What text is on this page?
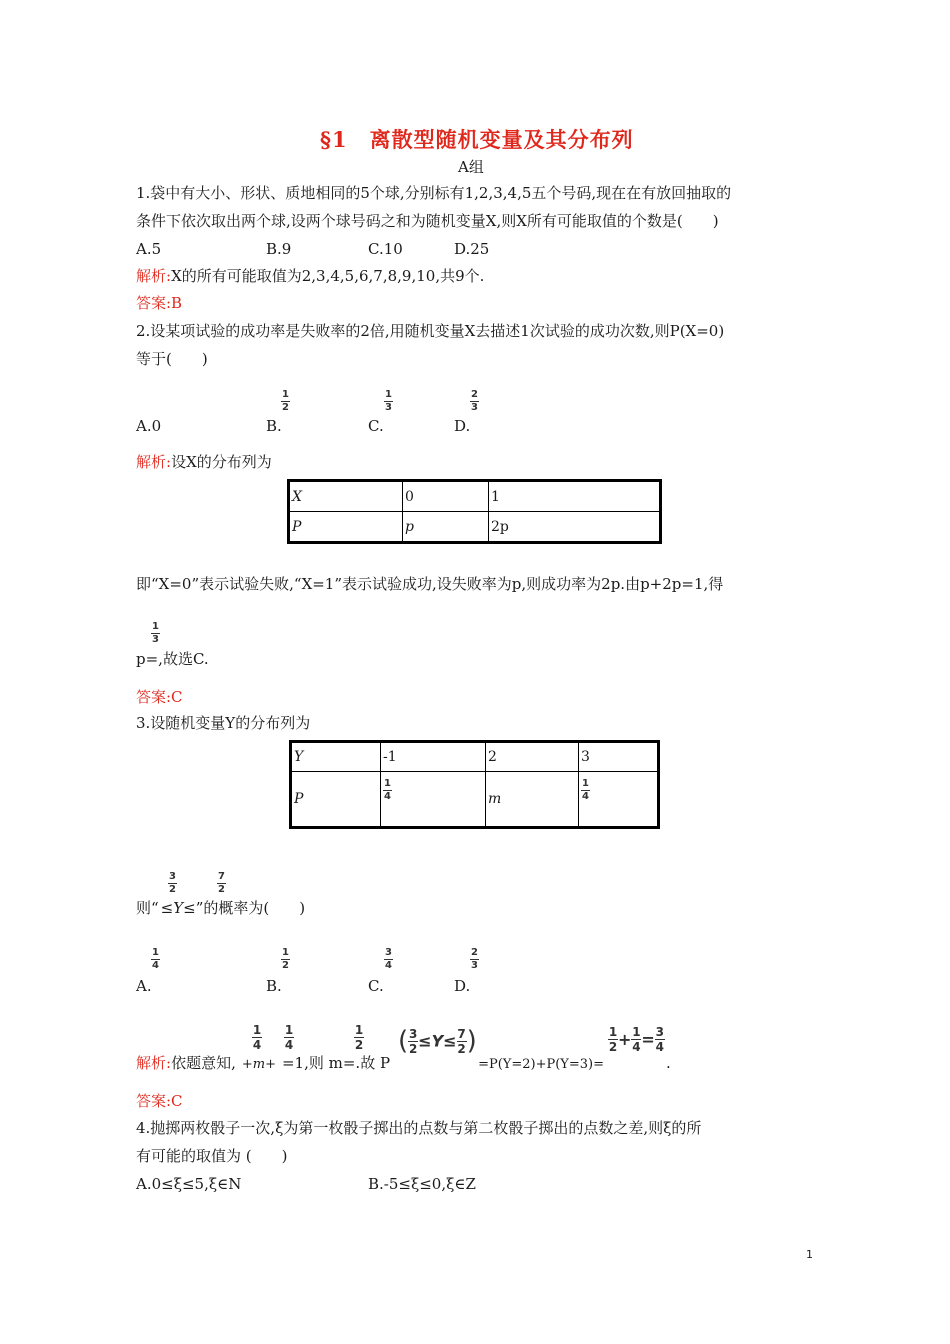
§1　离散型随机变量及其分布列
A组
1.袋中有大小、形状、质地相同的5个球,分别标有1,2,3,4,5五个号码,现在在有放回抽取的
条件下依次取出两个球,设两个球号码之和为随机变量X,则X所有可能取值的个数是(　　)
A.5	B.9	C.10	D.25
解析:X的所有可能取值为2,3,4,5,6,7,8,9,10,共9个.
答案:B
2.设某项试验的成功率是失败率的2倍,用随机变量X去描述1次试验的成功次数,则P(X=0)
等于(　　)
1
2
1
3
2
3
A.0	B.	C.	D.
解析:设X的分布列为
X	0	1
P	p	2p
即“X=0”表示试验失败,“X=1”表示试验成功,设失败率为p,则成功率为2p.由p+2p=1,得
1
3
p=,故选C.
答案:C
3.设随机变量Y的分布列为
Y	-1	2	3
P	$\frac{1}{4}$	m	$\frac{1}{4}$
3
2
7
2
则“ ≤Y≤”的概率为(　　)
1
4
1
2
3
4
2
3
A.	B.	C.	D.
1
4
1
4
1
2 ( $\frac{3}{2} \le Y\le \frac{7}{2}$ )	$\frac{1}{2} + \frac{1}{4} = \frac{3}{4}$
解析:依题意知, +m+ =1,则 m=.故 P	=P(Y=2)+P(Y=3)=	.
答案:C
4.抛掷两枚骰子一次,ξ为第一枚骰子掷出的点数与第二枚骰子掷出的点数之差,则ξ的所
有可能的取值为 (　　)
A.0≤ξ≤5,ξ∈N	B.-5≤ξ≤0,ξ∈Z
1
